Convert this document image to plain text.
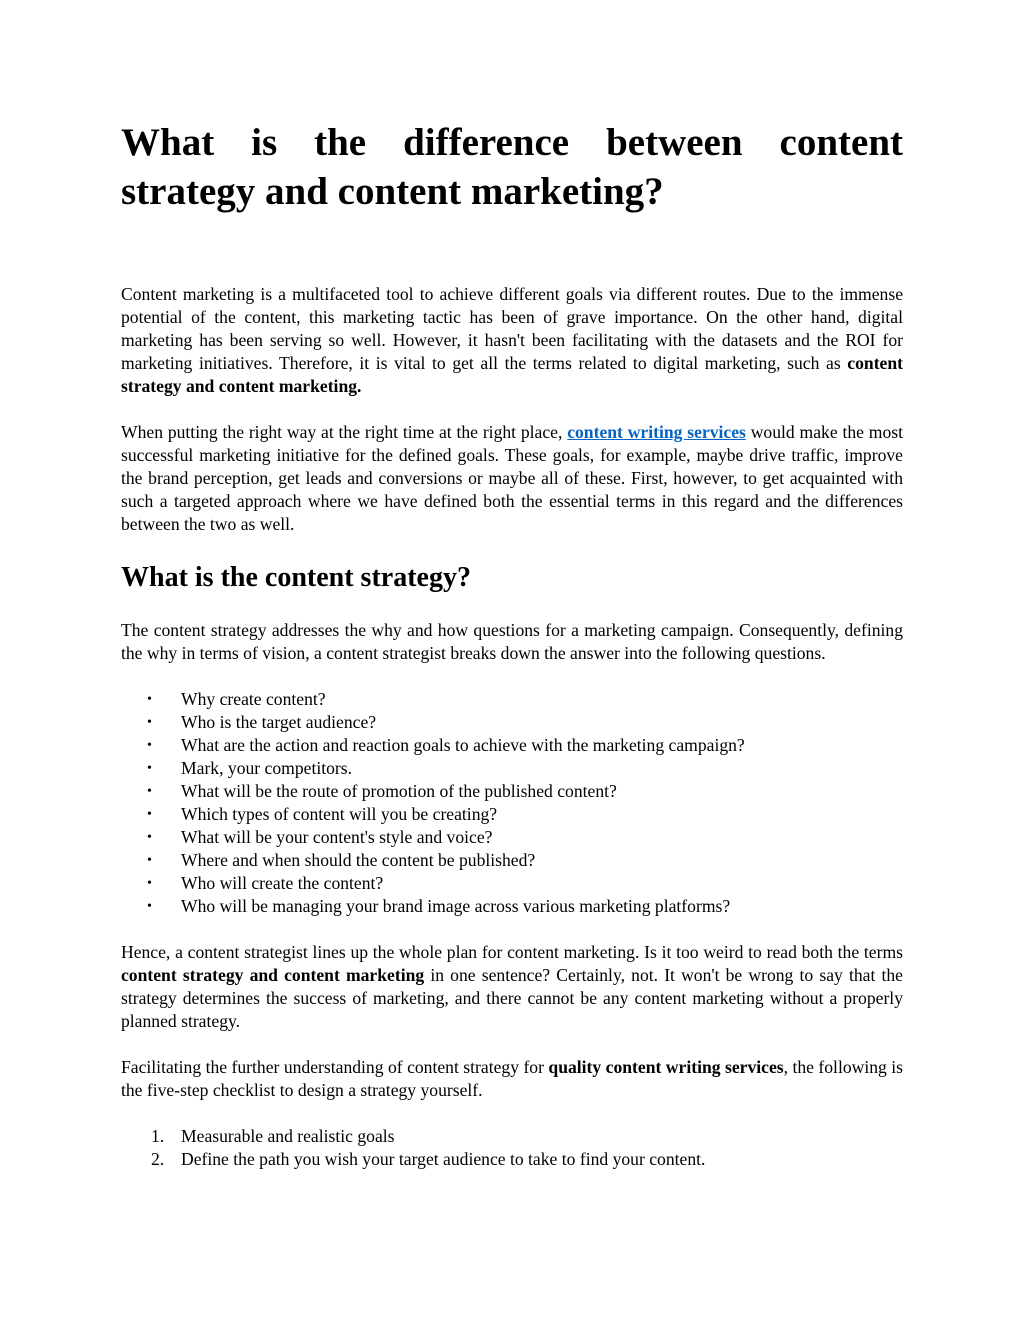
What is the difference between content
strategy and content marketing?

Content marketing is a multifaceted tool to achieve different goals via different routes. Due to the immense potential of the content, this marketing tactic has been of grave importance. On the other hand, digital marketing has been serving so well. However, it hasn't been facilitating with the datasets and the ROI for marketing initiatives. Therefore, it is vital to get all the terms related to digital marketing, such as content strategy and content marketing.

When putting the right way at the right time at the right place, content writing services would make the most successful marketing initiative for the defined goals. These goals, for example, maybe drive traffic, improve the brand perception, get leads and conversions or maybe all of these. First, however, to get acquainted with such a targeted approach where we have defined both the essential terms in this regard and the differences between the two as well.

What is the content strategy?

The content strategy addresses the why and how questions for a marketing campaign. Consequently, defining the why in terms of vision, a content strategist breaks down the answer into the following questions.

• Why create content?
• Who is the target audience?
• What are the action and reaction goals to achieve with the marketing campaign?
• Mark, your competitors.
• What will be the route of promotion of the published content?
• Which types of content will you be creating?
• What will be your content's style and voice?
• Where and when should the content be published?
• Who will create the content?
• Who will be managing your brand image across various marketing platforms?

Hence, a content strategist lines up the whole plan for content marketing. Is it too weird to read both the terms content strategy and content marketing in one sentence? Certainly, not. It won't be wrong to say that the strategy determines the success of marketing, and there cannot be any content marketing without a properly planned strategy.

Facilitating the further understanding of content strategy for quality content writing services, the following is the five-step checklist to design a strategy yourself.

1. Measurable and realistic goals
2. Define the path you wish your target audience to take to find your content.
